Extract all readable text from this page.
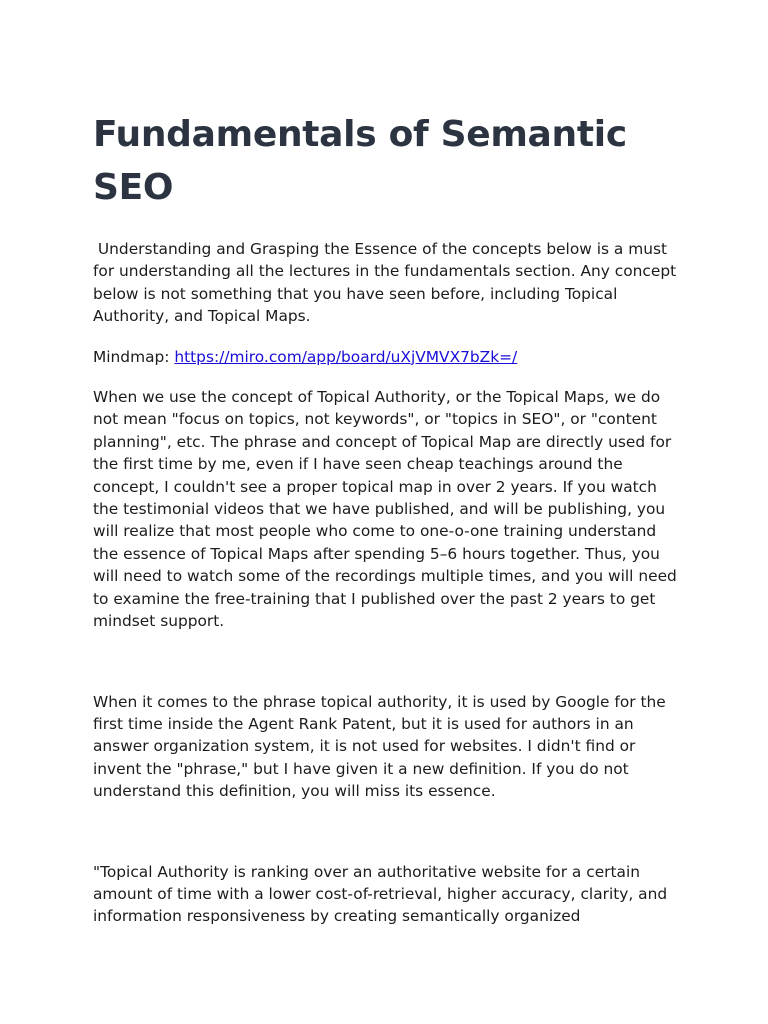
Fundamentals of Semantic SEO

Understanding and Grasping the Essence of the concepts below is a must for understanding all the lectures in the fundamentals section. Any concept below is not something that you have seen before, including Topical Authority, and Topical Maps.

Mindmap: https://miro.com/app/board/uXjVMVX7bZk=/

When we use the concept of Topical Authority, or the Topical Maps, we do not mean "focus on topics, not keywords", or "topics in SEO", or "content planning", etc. The phrase and concept of Topical Map are directly used for the first time by me, even if I have seen cheap teachings around the concept, I couldn't see a proper topical map in over 2 years. If you watch the testimonial videos that we have published, and will be publishing, you will realize that most people who come to one-o-one training understand the essence of Topical Maps after spending 5–6 hours together. Thus, you will need to watch some of the recordings multiple times, and you will need to examine the free-training that I published over the past 2 years to get mindset support.

When it comes to the phrase topical authority, it is used by Google for the first time inside the Agent Rank Patent, but it is used for authors in an answer organization system, it is not used for websites. I didn't find or invent the "phrase," but I have given it a new definition. If you do not understand this definition, you will miss its essence.

"Topical Authority is ranking over an authoritative website for a certain amount of time with a lower cost-of-retrieval, higher accuracy, clarity, and information responsiveness by creating semantically organized
